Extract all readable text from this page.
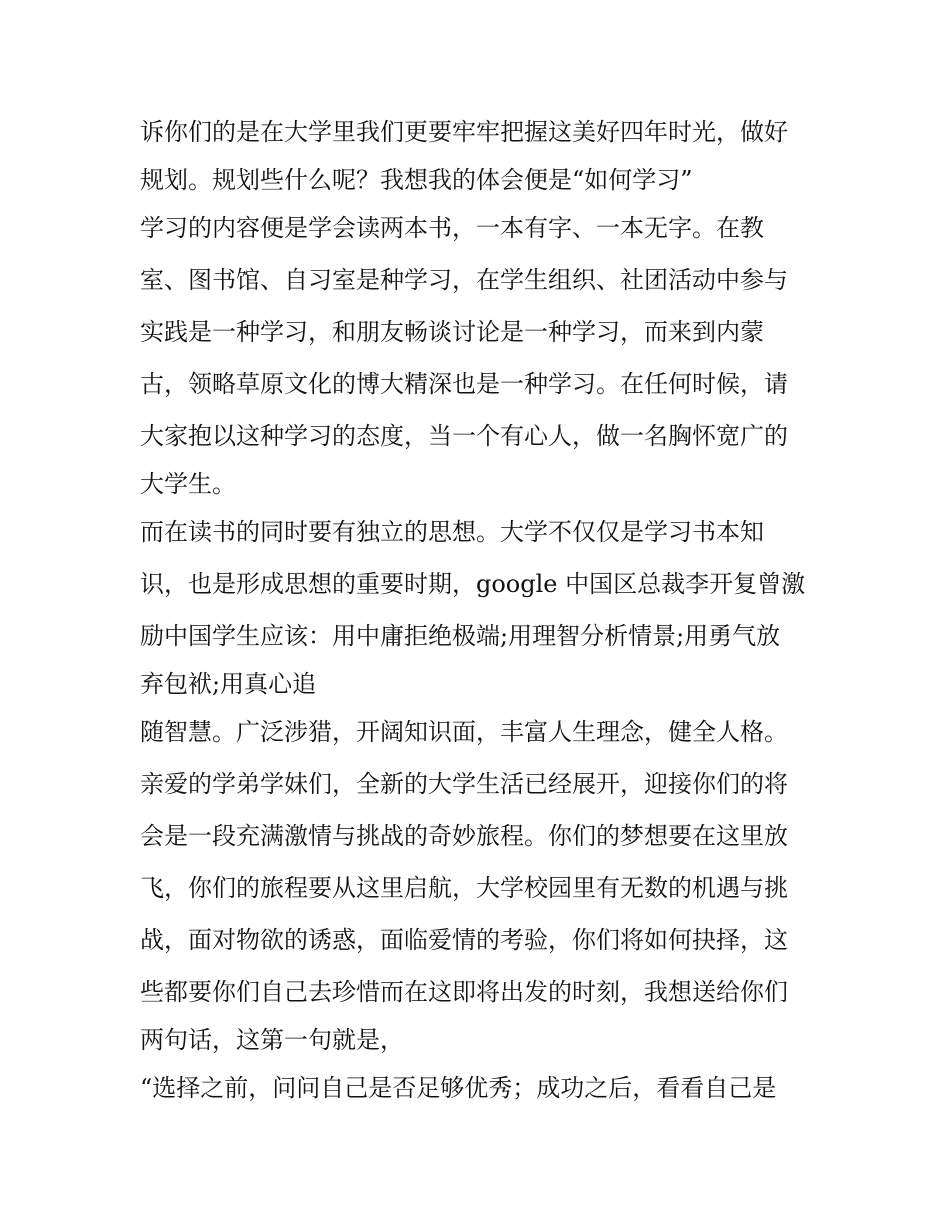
诉你们的是在大学里我们更要牢牢把握这美好四年时光，做好
规划。规划些什么呢？我想我的体会便是“如何学习”
学习的内容便是学会读两本书，一本有字、一本无字。在教
室、图书馆、自习室是种学习，在学生组织、社团活动中参与
实践是一种学习，和朋友畅谈讨论是一种学习，而来到内蒙
古，领略草原文化的博大精深也是一种学习。在任何时候，请
大家抱以这种学习的态度，当一个有心人，做一名胸怀宽广的
大学生。
而在读书的同时要有独立的思想。大学不仅仅是学习书本知
识，也是形成思想的重要时期，google 中国区总裁李开复曾激
励中国学生应该：用中庸拒绝极端;用理智分析情景;用勇气放
弃包袱;用真心追
随智慧。广泛涉猎，开阔知识面，丰富人生理念，健全人格。
亲爱的学弟学妹们，全新的大学生活已经展开，迎接你们的将
会是一段充满激情与挑战的奇妙旅程。你们的梦想要在这里放
飞，你们的旅程要从这里启航，大学校园里有无数的机遇与挑
战，面对物欲的诱惑，面临爱情的考验，你们将如何抉择，这
些都要你们自己去珍惜而在这即将出发的时刻，我想送给你们
两句话，这第一句就是，
“选择之前，问问自己是否足够优秀；成功之后，看看自己是
